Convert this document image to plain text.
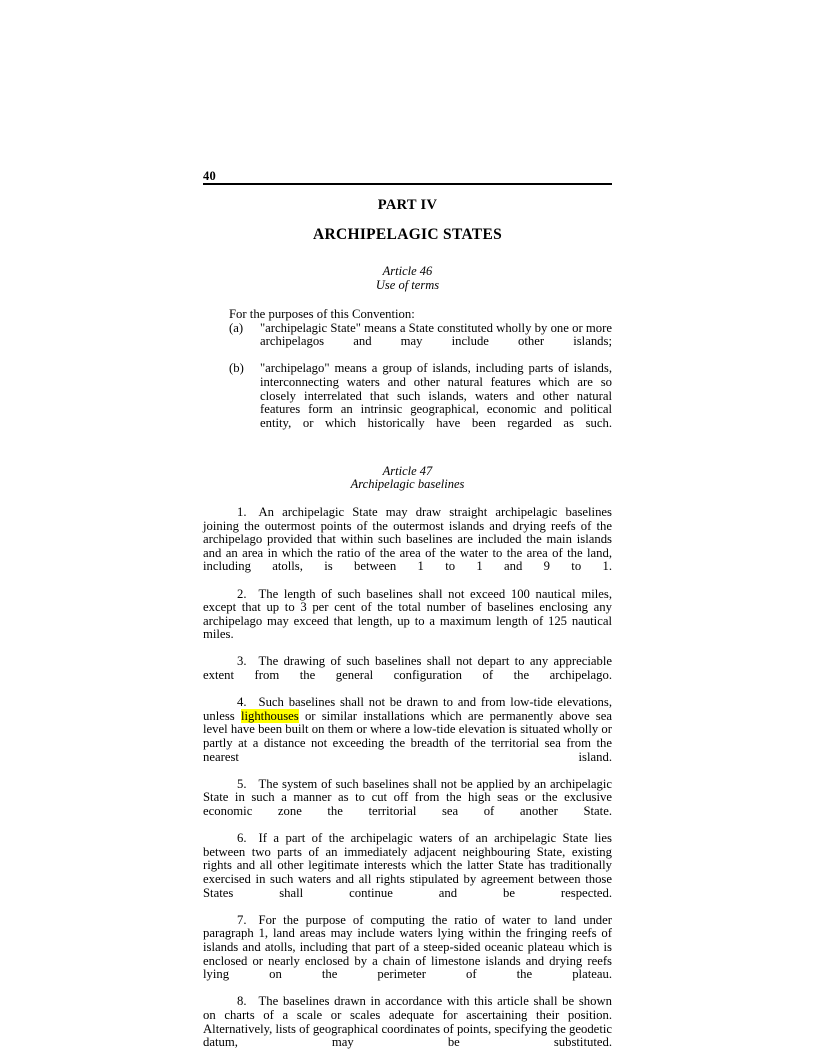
40
PART IV
ARCHIPELAGIC STATES
Article 46
Use of terms
For the purposes of this Convention:
(a) "archipelagic State" means a State constituted wholly by one or more archipelagos and may include other islands;
(b) "archipelago" means a group of islands, including parts of islands, interconnecting waters and other natural features which are so closely interrelated that such islands, waters and other natural features form an intrinsic geographical, economic and political entity, or which historically have been regarded as such.
Article 47
Archipelagic baselines

1. An archipelagic State may draw straight archipelagic baselines joining the outermost points of the outermost islands and drying reefs of the archipelago provided that within such baselines are included the main islands and an area in which the ratio of the area of the water to the area of the land, including atolls, is between 1 to 1 and 9 to 1.

2. The length of such baselines shall not exceed 100 nautical miles, except that up to 3 per cent of the total number of baselines enclosing any archipelago may exceed that length, up to a maximum length of 125 nautical miles.

3. The drawing of such baselines shall not depart to any appreciable extent from the general configuration of the archipelago.

4. Such baselines shall not be drawn to and from low-tide elevations, unless lighthouses or similar installations which are permanently above sea level have been built on them or where a low-tide elevation is situated wholly or partly at a distance not exceeding the breadth of the territorial sea from the nearest island.

5. The system of such baselines shall not be applied by an archipelagic State in such a manner as to cut off from the high seas or the exclusive economic zone the territorial sea of another State.

6. If a part of the archipelagic waters of an archipelagic State lies between two parts of an immediately adjacent neighbouring State, existing rights and all other legitimate interests which the latter State has traditionally exercised in such waters and all rights stipulated by agreement between those States shall continue and be respected.

7. For the purpose of computing the ratio of water to land under paragraph 1, land areas may include waters lying within the fringing reefs of islands and atolls, including that part of a steep-sided oceanic plateau which is enclosed or nearly enclosed by a chain of limestone islands and drying reefs lying on the perimeter of the plateau.

8. The baselines drawn in accordance with this article shall be shown on charts of a scale or scales adequate for ascertaining their position. Alternatively, lists of geographical coordinates of points, specifying the geodetic datum, may be substituted.
